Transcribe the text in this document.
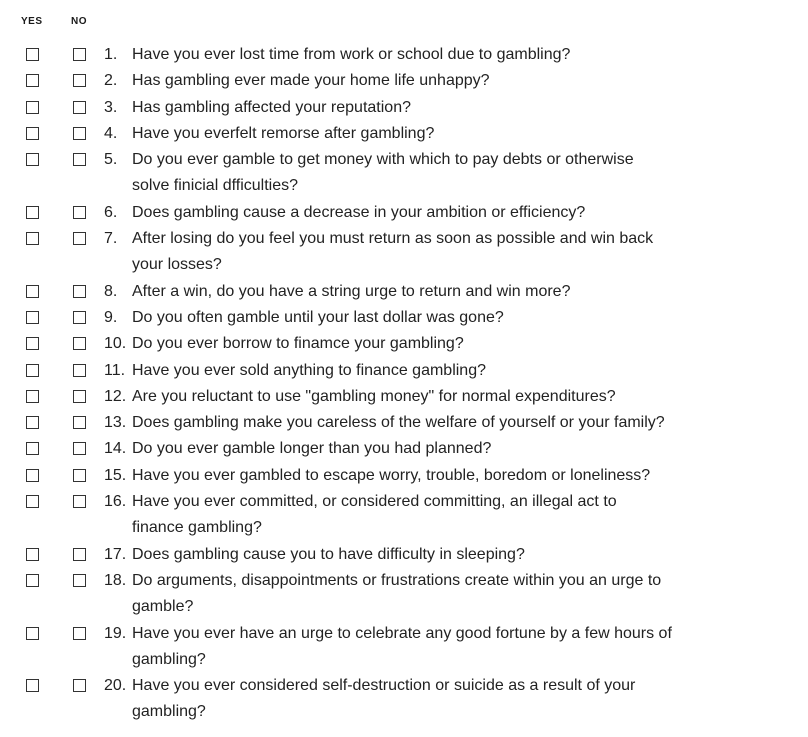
YES	NO
1. Have you ever lost time from work or school due to gambling?
2. Has gambling ever made your home life unhappy?
3. Has gambling affected your reputation?
4. Have you everfelt remorse after gambling?
5. Do you ever gamble to get money with which to pay debts or otherwise
solve finicial dfficulties?
6. Does gambling cause a decrease in your ambition or efficiency?
7. After losing do you feel you must return as soon as possible and win back
your losses?
8. After a win, do you have a string urge to return and win more?
9. Do you often gamble until your last dollar was gone?
10. Do you ever borrow to finamce your gambling?
11. Have you ever sold anything to finance gambling?
12. Are you reluctant to use "gambling money" for normal expenditures?
13. Does gambling make you careless of the welfare of yourself or your family?
14. Do you ever gamble longer than you had planned?
15. Have you ever gambled to escape worry, trouble, boredom or loneliness?
16. Have you ever committed, or considered committing, an illegal act to
finance gambling?
17. Does gambling cause you to have difficulty in sleeping?
18. Do arguments, disappointments or frustrations create within you an urge to
gamble?
19. Have you ever have an urge to celebrate any good fortune by a few hours of
gambling?
20. Have you ever considered self-destruction or suicide as a result of your
gambling?
